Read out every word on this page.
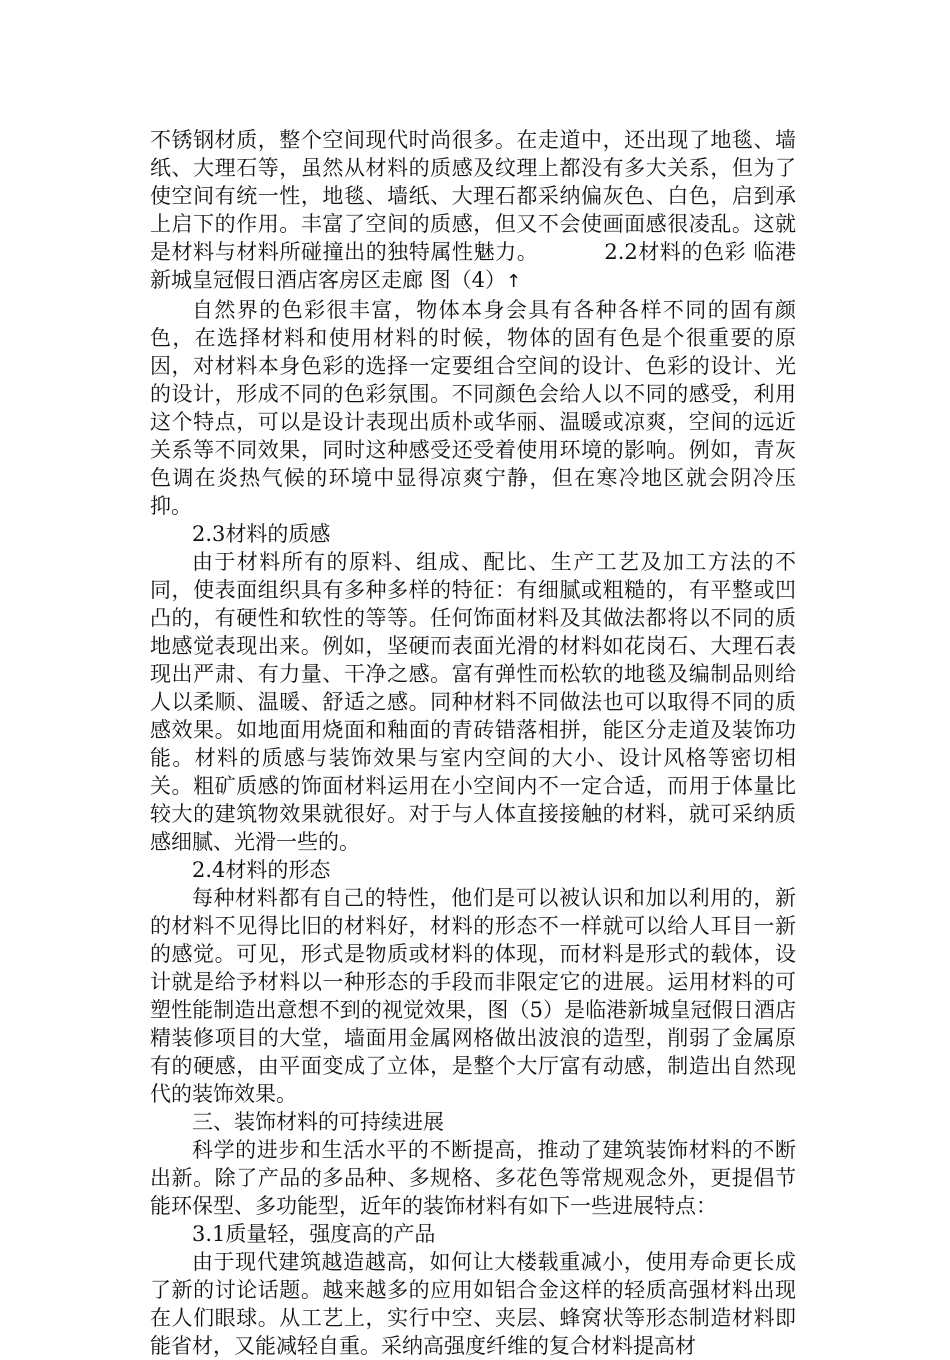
不锈钢材质，整个空间现代时尚很多。在走道中，还出现了地毯、墙纸、大理石等，虽然从材料的质感及纹理上都没有多大关系，但为了使空间有统一性，地毯、墙纸、大理石都采纳偏灰色、白色，启到承上启下的作用。丰富了空间的质感，但又不会使画面感很凌乱。这就是材料与材料所碰撞出的独特属性魅力。	2.2材料的色彩 临港新城皇冠假日酒店客房区走廊 图（4）↑

自然界的色彩很丰富，物体本身会具有各种各样不同的固有颜色，在选择材料和使用材料的时候，物体的固有色是个很重要的原因，对材料本身色彩的选择一定要组合空间的设计、色彩的设计、光的设计，形成不同的色彩氛围。不同颜色会给人以不同的感受，利用这个特点，可以是设计表现出质朴或华丽、温暖或凉爽，空间的远近关系等不同效果，同时这种感受还受着使用环境的影响。例如，青灰色调在炎热气候的环境中显得凉爽宁静，但在寒冷地区就会阴冷压抑。

2.3材料的质感

由于材料所有的原料、组成、配比、生产工艺及加工方法的不同，使表面组织具有多种多样的特征：有细腻或粗糙的，有平整或凹凸的，有硬性和软性的等等。任何饰面材料及其做法都将以不同的质地感觉表现出来。例如，坚硬而表面光滑的材料如花岗石、大理石表现出严肃、有力量、干净之感。富有弹性而松软的地毯及编制品则给人以柔顺、温暖、舒适之感。同种材料不同做法也可以取得不同的质感效果。如地面用烧面和釉面的青砖错落相拼，能区分走道及装饰功能。材料的质感与装饰效果与室内空间的大小、设计风格等密切相关。粗矿质感的饰面材料运用在小空间内不一定合适，而用于体量比较大的建筑物效果就很好。对于与人体直接接触的材料，就可采纳质感细腻、光滑一些的。

2.4材料的形态

每种材料都有自己的特性，他们是可以被认识和加以利用的，新的材料不见得比旧的材料好，材料的形态不一样就可以给人耳目一新的感觉。可见，形式是物质或材料的体现，而材料是形式的载体，设计就是给予材料以一种形态的手段而非限定它的进展。运用材料的可塑性能制造出意想不到的视觉效果，图（5）是临港新城皇冠假日酒店精装修项目的大堂，墙面用金属网格做出波浪的造型，削弱了金属原有的硬感，由平面变成了立体，是整个大厅富有动感，制造出自然现代的装饰效果。

三、装饰材料的可持续进展

科学的进步和生活水平的不断提高，推动了建筑装饰材料的不断出新。除了产品的多品种、多规格、多花色等常规观念外，更提倡节能环保型、多功能型，近年的装饰材料有如下一些进展特点：

3.1质量轻，强度高的产品

由于现代建筑越造越高，如何让大楼载重减小，使用寿命更长成了新的讨论话题。越来越多的应用如铝合金这样的轻质高强材料出现在人们眼球。从工艺上，实行中空、夹层、蜂窝状等形态制造材料即能省材，又能减轻自重。采纳高强度纤维的复合材料提高材
